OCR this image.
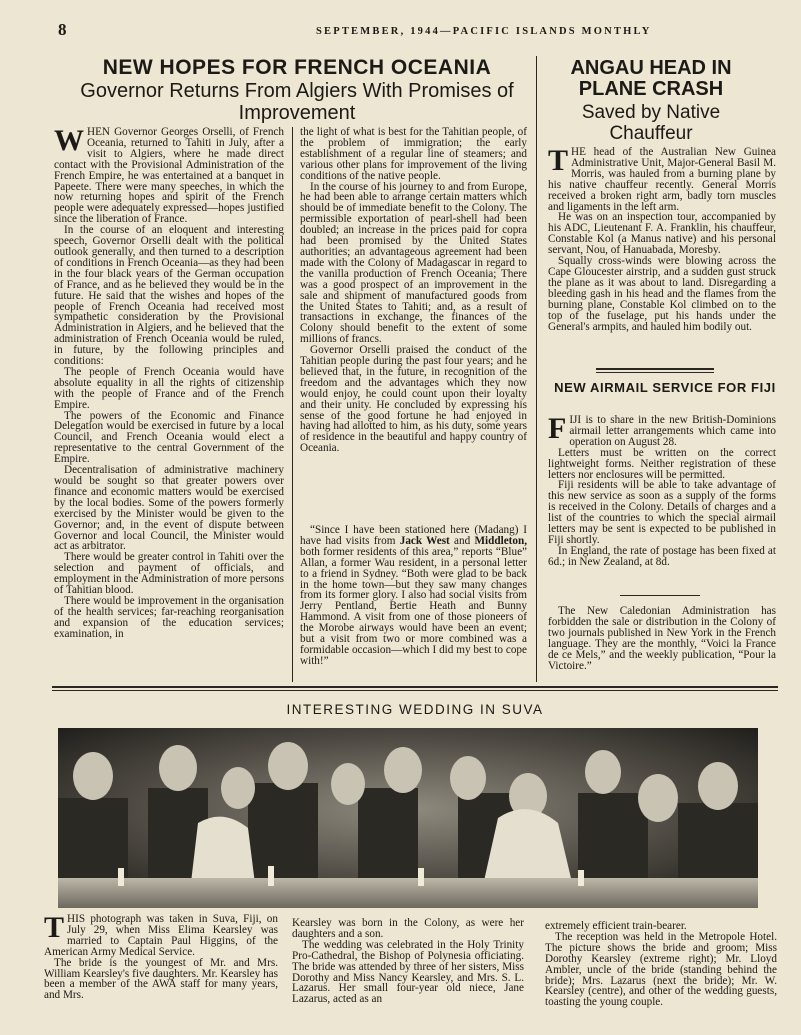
8	SEPTEMBER, 1944—PACIFIC ISLANDS MONTHLY
NEW HOPES FOR FRENCH OCEANIA
Governor Returns From Algiers With Promises of Improvement
W HEN Governor Georges Orselli, of French Oceania, returned to Tahiti in July, after a visit to Algiers, where he made direct contact with the Provisional Administration of the French Empire, he was entertained at a banquet in Papeete. There were many speeches, in which the now returning hopes and spirit of the French people were adequately expressed—hopes justified since the liberation of France.

In the course of an eloquent and interesting speech, Governor Orselli dealt with the political outlook generally, and then turned to a description of conditions in French Oceania—as they had been in the four black years of the German occupation of France, and as he believed they would be in the future. He said that the wishes and hopes of the people of French Oceania had received most sympathetic consideration by the Provisional Administration in Algiers, and he believed that the administration of French Oceania would be ruled, in future, by the following principles and conditions:

The people of French Oceania would have absolute equality in all the rights of citizenship with the people of France and of the French Empire.

The powers of the Economic and Finance Delegation would be exercised in future by a local Council, and French Oceania would elect a representative to the central Government of the Empire.

Decentralisation of administrative machinery would be sought so that greater powers over finance and economic matters would be exercised by the local bodies. Some of the powers formerly exercised by the Minister would be given to the Governor; and, in the event of dispute between Governor and local Council, the Minister would act as arbitrator.

There would be greater control in Tahiti over the selection and payment of officials, and employment in the Administration of more persons of Tahitian blood.

There would be improvement in the organisation of the health services; far-reaching reorganisation and expansion of the education services; examination, in

the light of what is best for the Tahitian people, of the problem of immigration; the early establishment of a regular line of steamers; and various other plans for improvement of the living conditions of the native people.

In the course of his journey to and from Europe, he had been able to arrange certain matters which should be of immediate benefit to the Colony. The permissible exportation of pearl-shell had been doubled; an increase in the prices paid for copra had been promised by the United States authorities; an advantageous agreement had been made with the Colony of Madagascar in regard to the vanilla production of French Oceania; There was a good prospect of an improvement in the sale and shipment of manufactured goods from the United States to Tahiti; and, as a result of transactions in exchange, the finances of the Colony should benefit to the extent of some millions of francs.

Governor Orselli praised the conduct of the Tahitian people during the past four years; and he believed that, in the future, in recognition of the freedom and the advantages which they now would enjoy, he could count upon their loyalty and their unity. He concluded by expressing his sense of the good fortune he had enjoyed in having had allotted to him, as his duty, some years of residence in the beautiful and happy country of Oceania.

“Since I have been stationed here (Madang) I have had visits from Jack West and Middleton, both former residents of this area,” reports “Blue” Allan, a former Wau resident, in a personal letter to a friend in Sydney. “Both were glad to be back in the home town—but they saw many changes from its former glory. I also had social visits from Jerry Pentland, Bertie Heath and Bunny Hammond. A visit from one of those pioneers of the Morobe airways would have been an event; but a visit from two or more combined was a formidable occasion—which I did my best to cope with!”

ANGAU HEAD IN PLANE CRASH
Saved by Native Chauffeur
T HE head of the Australian New Guinea Administrative Unit, Major-General Basil M. Morris, was hauled from a burning plane by his native chauffeur recently. General Morris received a broken right arm, badly torn muscles and ligaments in the left arm.

He was on an inspection tour, accompanied by his ADC, Lieutenant F. A. Franklin, his chauffeur, Constable Kol (a Manus native) and his personal servant, Nou, of Hanuabada, Moresby.

Squally cross-winds were blowing across the Cape Gloucester airstrip, and a sudden gust struck the plane as it was about to land. Disregarding a bleeding gash in his head and the flames from the burning plane, Constable Kol climbed on to the top of the fuselage, put his hands under the General's armpits, and hauled him bodily out.

NEW AIRMAIL SERVICE FOR FIJI
F IJI is to share in the new British-Dominions airmail letter arrangements which came into operation on August 28.

Letters must be written on the correct lightweight forms. Neither registration of these letters nor enclosures will be permitted.

Fiji residents will be able to take advantage of this new service as soon as a supply of the forms is received in the Colony. Details of charges and a list of the countries to which the special airmail letters may be sent is expected to be published in Fiji shortly.

In England, the rate of postage has been fixed at 6d.; in New Zealand, at 8d.

The New Caledonian Administration has forbidden the sale or distribution in the Colony of two journals published in New York in the French language. They are the monthly, “Voici la France de ce Mels,” and the weekly publication, “Pour la Victoire.”

INTERESTING WEDDING IN SUVA
T HIS photograph was taken in Suva, Fiji, on July 29, when Miss Elima Kearsley was married to Captain Paul Higgins, of the American Army Medical Service.

The bride is the youngest of Mr. and Mrs. William Kearsley's five daughters. Mr. Kearsley has been a member of the AWA staff for many years, and Mrs.

Kearsley was born in the Colony, as were her daughters and a son.

The wedding was celebrated in the Holy Trinity Pro-Cathedral, the Bishop of Polynesia officiating. The bride was attended by three of her sisters, Miss Dorothy and Miss Nancy Kearsley, and Mrs. S. L. Lazarus. Her small four-year old niece, Jane Lazarus, acted as an

extremely efficient train-bearer.

The reception was held in the Metropole Hotel. The picture shows the bride and groom; Miss Dorothy Kearsley (extreme right); Mr. Lloyd Ambler, uncle of the bride (standing behind the bride); Mrs. Lazarus (next the bride); Mr. W. Kearsley (centre), and other of the wedding guests, toasting the young couple.
